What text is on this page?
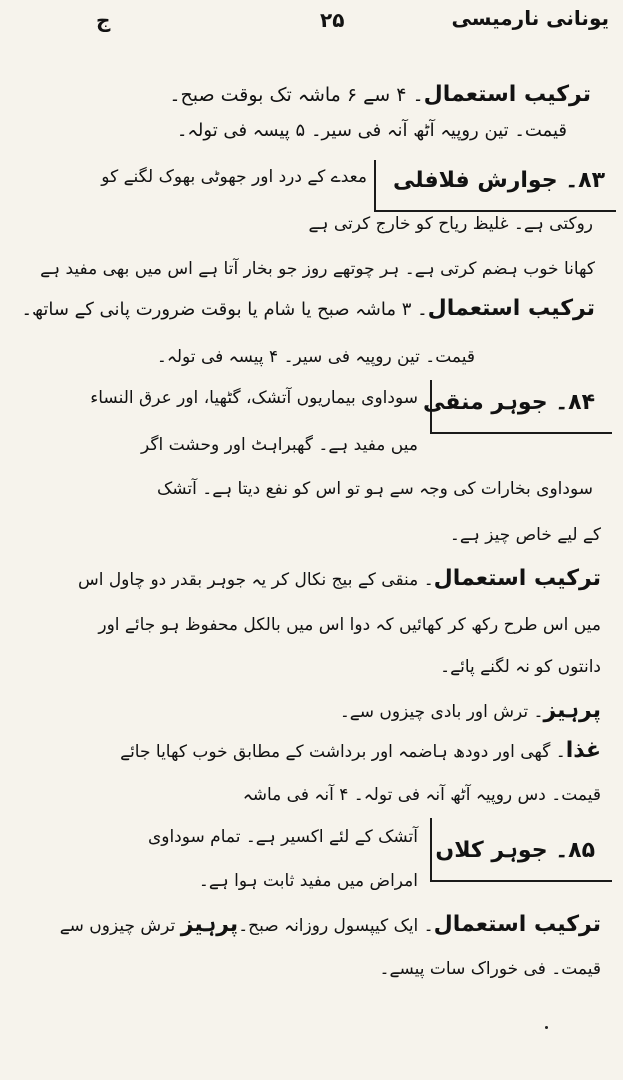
یونانی نارمیسی
۲۵
ج
ترکیب استعمال۔ ۴ سے ۶ ماشہ تک بوقت صبح۔
قیمت۔ تین روپیہ آٹھ آنہ فی سیر۔ ۵ پیسہ فی تولہ۔
۸۳۔ جوارش فلافلی
معدے کے درد اور جھوٹی بھوک لگنے کو
روکتی ہے۔ غلیظ ریاح کو خارج کرتی ہے
کھانا خوب ہضم کرتی ہے۔ ہر چوتھے روز جو بخار آتا ہے اس میں بھی مفید ہے
ترکیب استعمال۔ ۳ ماشہ صبح یا شام یا بوقت ضرورت پانی کے ساتھ۔
قیمت۔ تین روپیہ فی سیر۔ ۴ پیسہ فی تولہ۔
۸۴۔ جوہر منقی
سوداوی بیماریوں آتشک، گٹھیا، اور عرق النساء
میں مفید ہے۔ گھبراہٹ اور وحشت اگر
سوداوی بخارات کی وجہ سے ہو تو اس کو نفع دیتا ہے۔ آتشک
کے لیے خاص چیز ہے۔
ترکیب استعمال۔ منقی کے بیج نکال کر یہ جوہر بقدر دو چاول اس
میں اس طرح رکھ کر کھائیں کہ دوا اس میں بالکل محفوظ ہو جائے اور
دانتوں کو نہ لگنے پائے۔
پرہیز۔ ترش اور بادی چیزوں سے۔
غذا۔ گھی اور دودھ ہاضمہ اور برداشت کے مطابق خوب کھایا جائے
قیمت۔ دس روپیہ آٹھ آنہ فی تولہ۔ ۴ آنہ فی ماشہ
۸۵۔ جوہر کلاں
آتشک کے لئے اکسیر ہے۔ تمام سوداوی
امراض میں مفید ثابت ہوا ہے۔
ترکیب استعمال۔ ایک کیپسول روزانہ صبح۔پرہیز ترش چیزوں سے
قیمت۔ فی خوراک سات پیسے۔
